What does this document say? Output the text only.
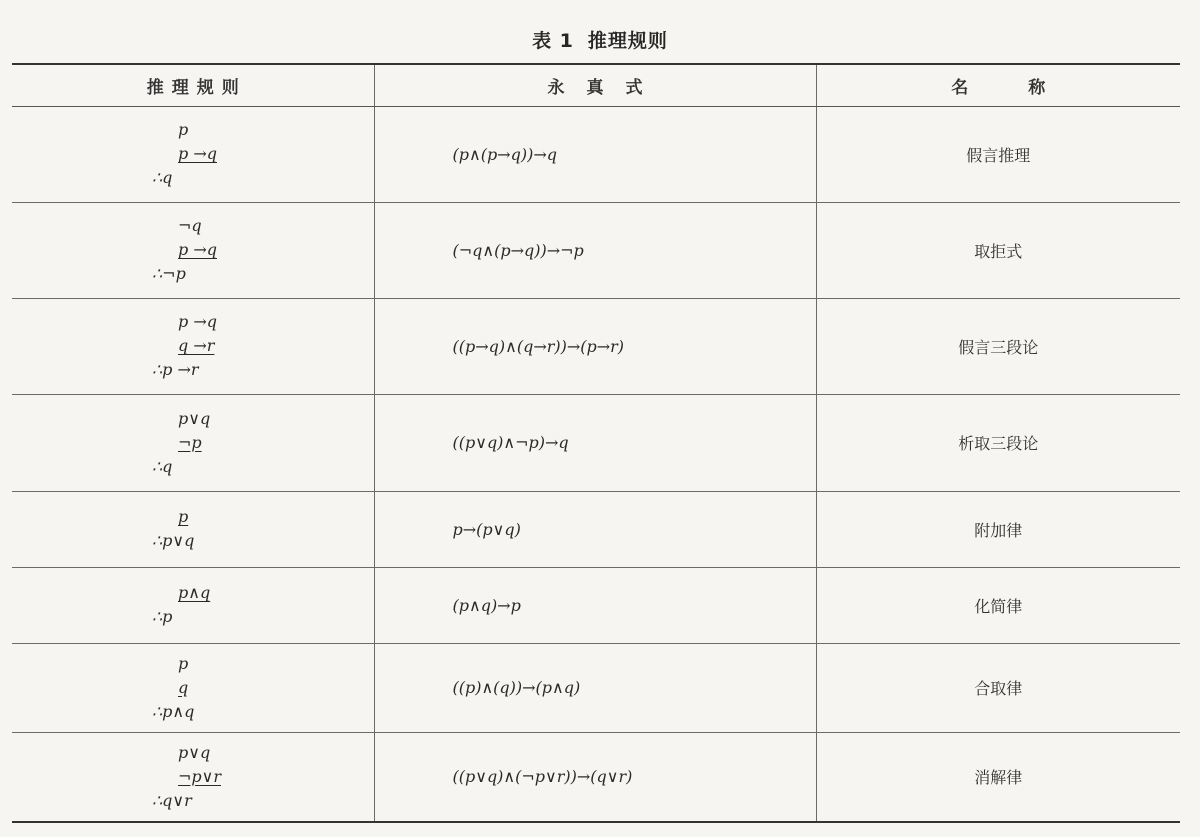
表 1 推理规则
推理规则	永真式	名称

p
p →q
∴q	(p∧(p→q))→q	假言推理

¬q
p →q
∴¬p	(¬q∧(p→q))→¬p	取拒式

p →q
q →r
∴p →r	((p→q)∧(q→r))→(p→r)	假言三段论

p∨q
¬p
∴q	((p∨q)∧¬p)→q	析取三段论

p
∴p∨q	p→(p∨q)	附加律

p∧q
∴p	(p∧q)→p	化简律

p
q
∴p∧q	((p)∧(q))→(p∧q)	合取律

p∨q
¬p∨r
∴q∨r	((p∨q)∧(¬p∨r))→(q∨r)	消解律
